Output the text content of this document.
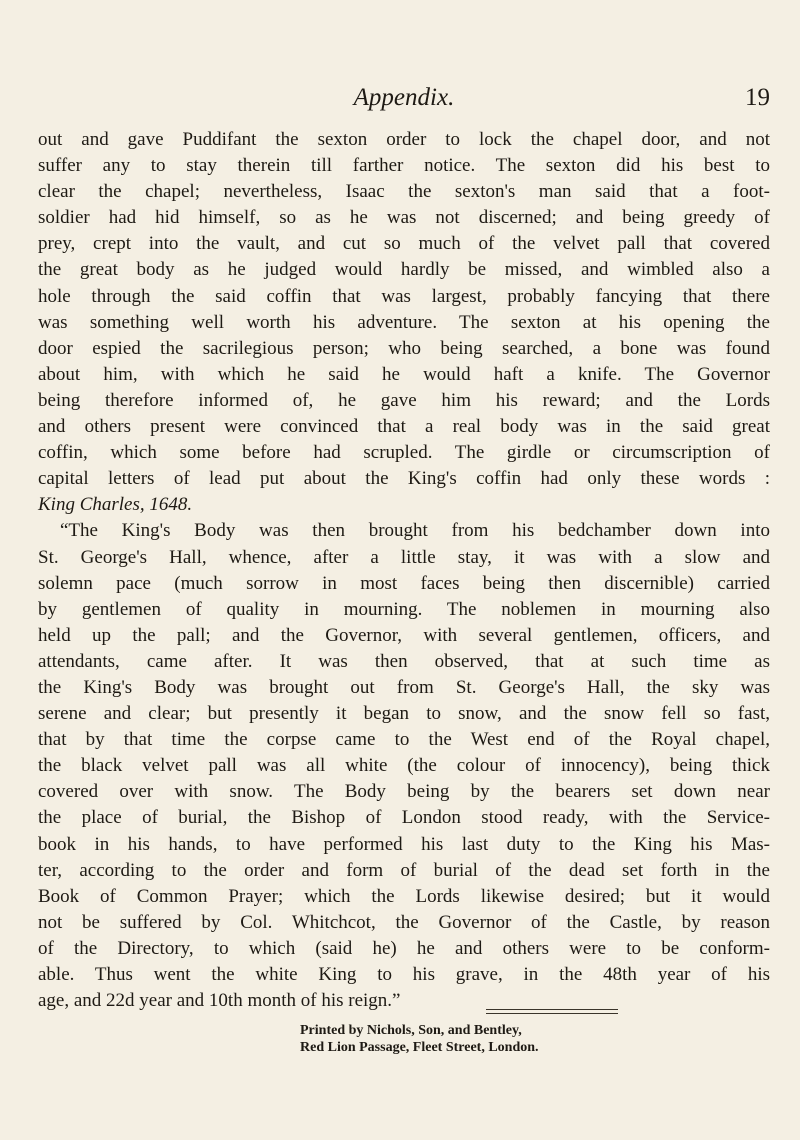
Appendix.	19
out and gave Puddifant the sexton order to lock the chapel door, and not
suffer any to stay therein till farther notice. The sexton did his best to
clear the chapel; nevertheless, Isaac the sexton's man said that a foot-
soldier had hid himself, so as he was not discerned; and being greedy of
prey, crept into the vault, and cut so much of the velvet pall that covered
the great body as he judged would hardly be missed, and wimbled also a
hole through the said coffin that was largest, probably fancying that there
was something well worth his adventure. The sexton at his opening the
door espied the sacrilegious person; who being searched, a bone was found
about him, with which he said he would haft a knife. The Governor
being therefore informed of, he gave him his reward; and the Lords
and others present were convinced that a real body was in the said great
coffin, which some before had scrupled. The girdle or circumscription of
capital letters of lead put about the King's coffin had only these words :
King Charles, 1648.
“The King's Body was then brought from his bedchamber down into
St. George's Hall, whence, after a little stay, it was with a slow and
solemn pace (much sorrow in most faces being then discernible) carried
by gentlemen of quality in mourning. The noblemen in mourning also
held up the pall; and the Governor, with several gentlemen, officers, and
attendants, came after. It was then observed, that at such time as
the King's Body was brought out from St. George's Hall, the sky was
serene and clear; but presently it began to snow, and the snow fell so fast,
that by that time the corpse came to the West end of the Royal chapel,
the black velvet pall was all white (the colour of innocency), being thick
covered over with snow. The Body being by the bearers set down near
the place of burial, the Bishop of London stood ready, with the Service-
book in his hands, to have performed his last duty to the King his Mas-
ter, according to the order and form of burial of the dead set forth in the
Book of Common Prayer; which the Lords likewise desired; but it would
not be suffered by Col. Whitchcot, the Governor of the Castle, by reason
of the Directory, to which (said he) he and others were to be conform-
able. Thus went the white King to his grave, in the 48th year of his
age, and 22d year and 10th month of his reign.”
Printed by Nichols, Son, and Bentley,
Red Lion Passage, Fleet Street, London.
